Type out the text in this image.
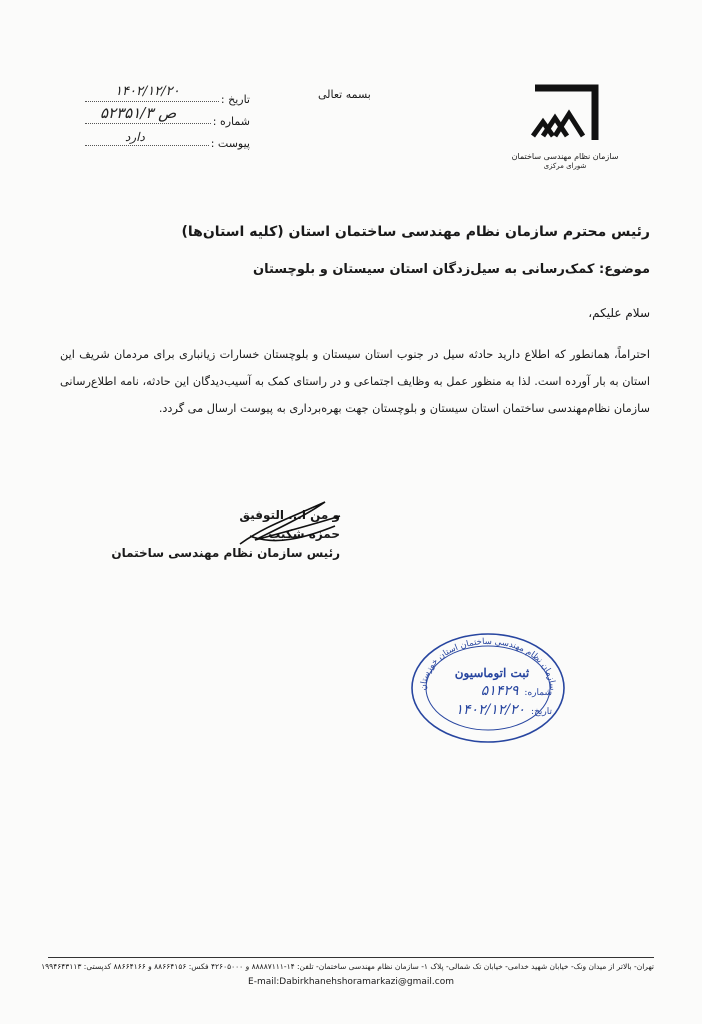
سازمان نظام مهندسی ساختمان
شورای مرکزی
بسمه تعالی
تاریخ :
شماره :
پیوست :
۱۴۰۲/۱۲/۲۰
۵۲۳۵۱/۳ ص
دارد
رئیس محترم سازمان نظام مهندسی ساختمان استان (کلیه استان‌ها)
موضوع: کمک‌رسانی به سیل‌زدگان استان سیستان و بلوچستان
سلام علیکم،
احتراماً، همانطور که اطلاع دارید حادثه سیل در جنوب استان سیستان و بلوچستان خسارات زیانباری برای مردمان شریف این استان به بار آورده است. لذا به منظور عمل به وظایف اجتماعی و در راستای کمک به آسیب‌دیدگان این حادثه، نامه اطلاع‌رسانی سازمان نظام‌مهندسی ساختمان استان سیستان و بلوچستان جهت بهره‌برداری به پیوست ارسال می گردد.
و من ا... التوفیق
حمزه شکیب
رئیس سازمان نظام مهندسی ساختمان
سازمان نظام مهندسی ساختمان استان خوزستان
ثبت اتوماسیون
شماره:
۵۱۴۲۹
تاریخ:
۱۴۰۲/۱۲/۲۰
تهران- بالاتر از میدان ونک- خیابان شهید خدامی- خیابان تک شمالی- پلاک ۱- سازمان نظام مهندسی ساختمان- تلفن: ۱۴-۸۸۸۸۷۱۱۱ و ۴۲۶۰۵۰۰۰ فکس: ۸۸۶۶۴۱۵۶ و ۸۸۶۶۴۱۶۶ کدپستی: ۱۹۹۴۶۴۳۱۱۳
E-mail:Dabirkhanehshoramarkazi@gmail.com
